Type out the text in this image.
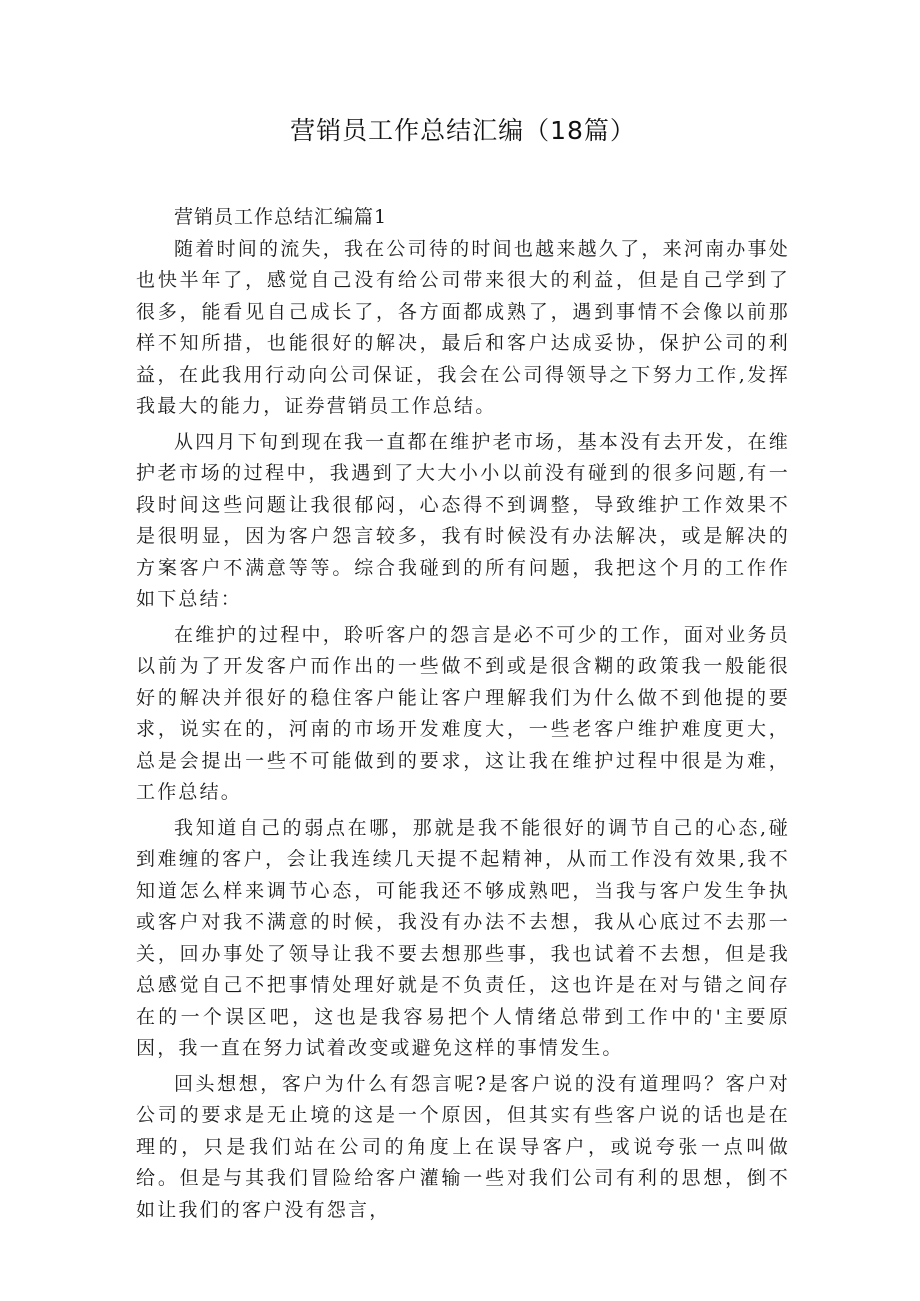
营销员工作总结汇编（18篇）

营销员工作总结汇编篇1

随着时间的流失，我在公司待的时间也越来越久了，来河南办事处也快半年了，感觉自己没有给公司带来很大的利益，但是自己学到了很多，能看见自己成长了，各方面都成熟了，遇到事情不会像以前那样不知所措，也能很好的解决，最后和客户达成妥协，保护公司的利益，在此我用行动向公司保证，我会在公司得领导之下努力工作,发挥我最大的能力，证券营销员工作总结。

从四月下旬到现在我一直都在维护老市场，基本没有去开发，在维护老市场的过程中，我遇到了大大小小以前没有碰到的很多问题,有一段时间这些问题让我很郁闷，心态得不到调整，导致维护工作效果不是很明显，因为客户怨言较多，我有时候没有办法解决，或是解决的方案客户不满意等等。综合我碰到的所有问题，我把这个月的工作作如下总结：

在维护的过程中，聆听客户的怨言是必不可少的工作，面对业务员以前为了开发客户而作出的一些做不到或是很含糊的政策我一般能很好的解决并很好的稳住客户能让客户理解我们为什么做不到他提的要求，说实在的，河南的市场开发难度大，一些老客户维护难度更大，总是会提出一些不可能做到的要求，这让我在维护过程中很是为难，工作总结。

我知道自己的弱点在哪，那就是我不能很好的调节自己的心态,碰到难缠的客户，会让我连续几天提不起精神，从而工作没有效果,我不知道怎么样来调节心态，可能我还不够成熟吧，当我与客户发生争执或客户对我不满意的时候，我没有办法不去想，我从心底过不去那一关，回办事处了领导让我不要去想那些事，我也试着不去想，但是我总感觉自己不把事情处理好就是不负责任，这也许是在对与错之间存在的一个误区吧，这也是我容易把个人情绪总带到工作中的'主要原因，我一直在努力试着改变或避免这样的事情发生。

回头想想，客户为什么有怨言呢?是客户说的没有道理吗？客户对公司的要求是无止境的这是一个原因，但其实有些客户说的话也是在理的，只是我们站在公司的角度上在误导客户，或说夸张一点叫做给。但是与其我们冒险给客户灌输一些对我们公司有利的思想，倒不如让我们的客户没有怨言，
